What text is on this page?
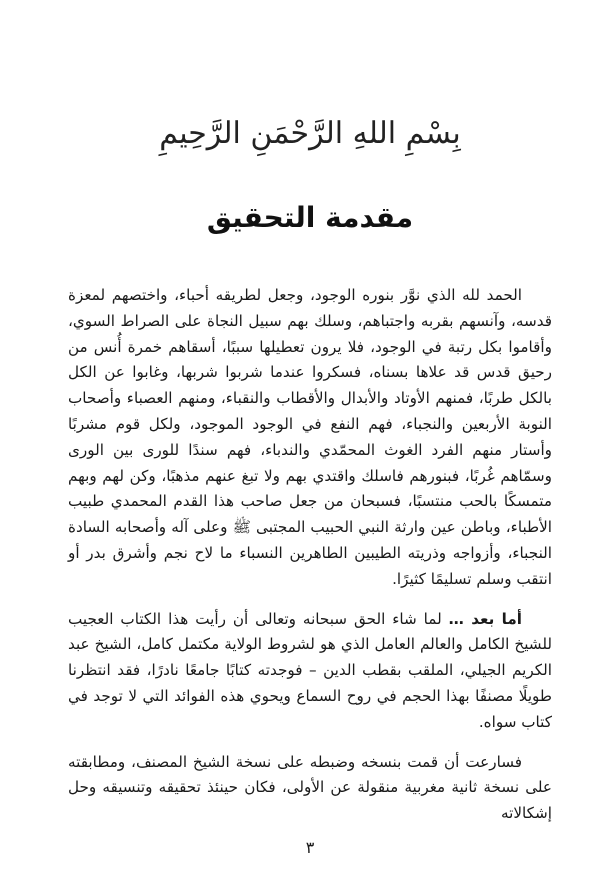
بِسْمِ اللهِ الرَّحْمَنِ الرَّحِيمِ
مقدمة التحقيق

الحمد لله الذي نوَّر بنوره الوجود، وجعل لطريقه أحباء، واختصهم لمعزة قدسه، وآنسهم بقربه واجتباهم، وسلك بهم سبيل النجاة على الصراط السوي، وأقاموا بكل رتبة في الوجود، فلا يرون تعطيلها سببًا، أسقاهم خمرة أُنس من رحيق قدس قد علاها بسناه، فسكروا عندما شربوا شربها، وغابوا عن الكل بالكل طربًا، فمنهم الأوتاد والأبدال والأقطاب والنقباء، ومنهم العصباء وأصحاب النوبة الأربعين والنجباء، فهم النفع في الوجود الموجود، ولكل قوم مشربًا وأستار منهم الفرد الغوث المحمّدي والندباء، فهم سندًا للورى بين الورى وسمّاهم غُربًا، فبنورهم فاسلك واقتدي بهم ولا تبغ عنهم مذهبًا، وكن لهم وبهم متمسكًا بالحب منتسبًا، فسبحان من جعل صاحب هذا القدم المحمدي طبيب الأطباء، وباطن عين وارثة النبي الحبيب المجتبى ﷺ وعلى آله وأصحابه السادة النجباء، وأزواجه وذريته الطيبين الطاهرين النسباء ما لاح نجم وأشرق بدر أو انتقب وسلم تسليمًا كثيرًا.

أما بعد … لما شاء الحق سبحانه وتعالى أن رأيت هذا الكتاب العجيب للشيخ الكامل والعالم العامل الذي هو لشروط الولاية مكتمل كامل، الشيخ عبد الكريم الجيلي، الملقب بقطب الدين – فوجدته كتابًا جامعًا نادرًا، فقد انتظرنا طويلًا مصنفًا بهذا الحجم في روح السماع ويحوي هذه الفوائد التي لا توجد في كتاب سواه.

فسارعت أن قمت بنسخه وضبطه على نسخة الشيخ المصنف، ومطابقته على نسخة ثانية مغربية منقولة عن الأولى، فكان حينئذ تحقيقه وتنسيقه وحل إشكالاته

٣
